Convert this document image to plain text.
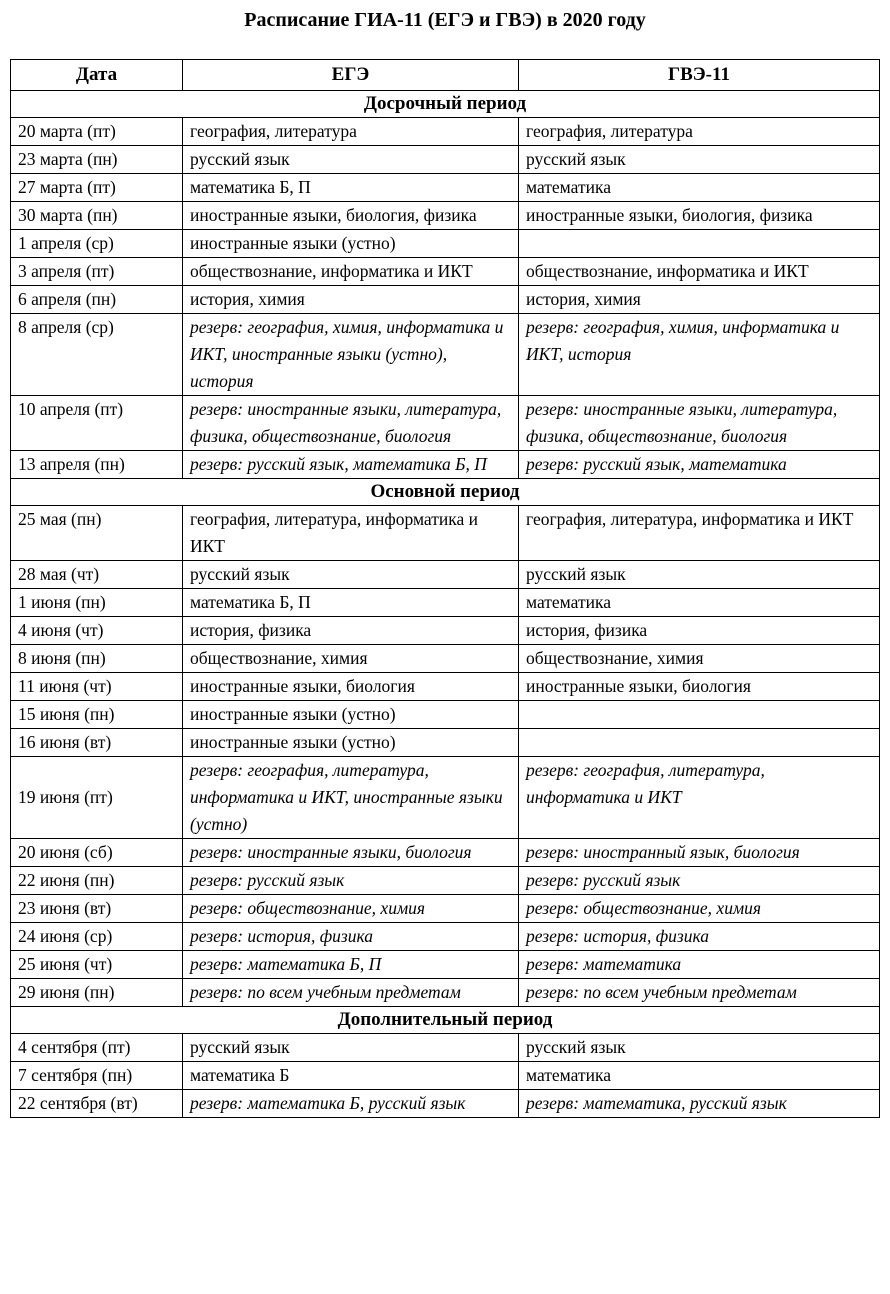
Расписание ГИА-11 (ЕГЭ и ГВЭ) в 2020 году
Дата	ЕГЭ	ГВЭ-11
Досрочный период		
20 марта (пт)	география, литература	география, литература
23 марта (пн)	русский язык	русский язык
27 марта (пт)	математика Б, П	математика
30 марта (пн)	иностранные языки, биология, физика	иностранные языки, биология, физика
1 апреля (ср)	иностранные языки (устно)	
3 апреля (пт)	обществознание, информатика и ИКТ	обществознание, информатика и ИКТ
6 апреля (пн)	история, химия	история, химия
8 апреля (ср)	резерв: география, химия, информатика и ИКТ, иностранные языки (устно), история	резерв: география, химия, информатика и ИКТ, история
10 апреля (пт)	резерв: иностранные языки, литература, физика, обществознание, биология	резерв: иностранные языки, литература, физика, обществознание, биология
13 апреля (пн)	резерв: русский язык, математика Б, П	резерв: русский язык, математика
Основной период		
25 мая (пн)	география, литература, информатика и ИКТ	география, литература, информатика и ИКТ
28 мая (чт)	русский язык	русский язык
1 июня (пн)	математика Б, П	математика
4 июня (чт)	история, физика	история, физика
8 июня (пн)	обществознание, химия	обществознание, химия
11 июня (чт)	иностранные языки, биология	иностранные языки, биология
15 июня (пн)	иностранные языки (устно)	
16 июня (вт)	иностранные языки (устно)	
19 июня (пт)	резерв: география, литература, информатика и ИКТ, иностранные языки (устно)	резерв: география, литература, информатика и ИКТ
20 июня (сб)	резерв: иностранные языки, биология	резерв: иностранный язык, биология
22 июня (пн)	резерв: русский язык	резерв: русский язык
23 июня (вт)	резерв: обществознание, химия	резерв: обществознание, химия
24 июня (ср)	резерв: история, физика	резерв: история, физика
25 июня (чт)	резерв: математика Б, П	резерв: математика
29 июня (пн)	резерв: по всем учебным предметам	резерв: по всем учебным предметам
Дополнительный период		
4 сентября (пт)	русский язык	русский язык
7 сентября (пн)	математика Б	математика
22 сентября (вт)	резерв: математика Б, русский язык	резерв: математика, русский язык
